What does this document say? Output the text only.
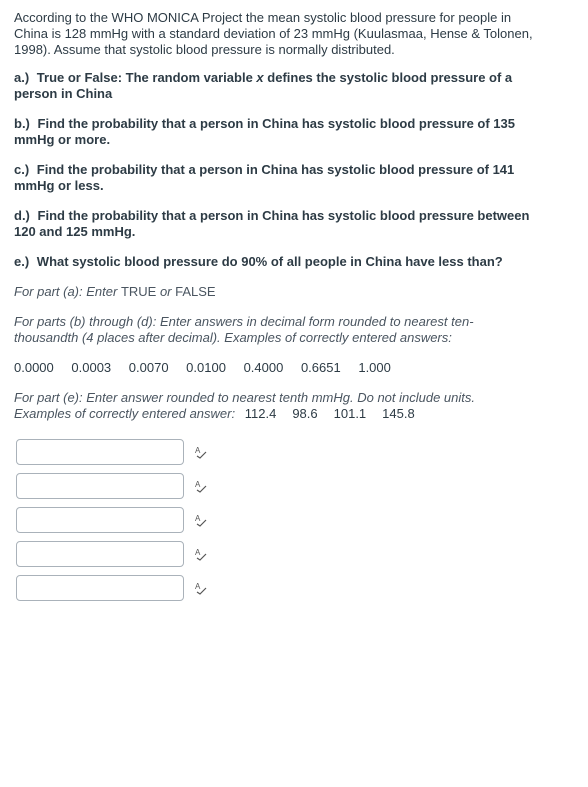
According to the WHO MONICA Project the mean systolic blood pressure for people in China is 128 mmHg with a standard deviation of 23 mmHg (Kuulasmaa, Hense & Tolonen, 1998). Assume that systolic blood pressure is normally distributed.

a.) True or False: The random variable x defines the systolic blood pressure of a person in China

b.) Find the probability that a person in China has systolic blood pressure of 135 mmHg or more.

c.) Find the probability that a person in China has systolic blood pressure of 141 mmHg or less.

d.) Find the probability that a person in China has systolic blood pressure between 120 and 125 mmHg.

e.) What systolic blood pressure do 90% of all people in China have less than?

For part (a): Enter TRUE or FALSE

For parts (b) through (d): Enter answers in decimal form rounded to nearest ten-thousandth (4 places after decimal). Examples of correctly entered answers:

0.0000 0.0003 0.0070 0.0100 0.4000 0.6651 1.000

For part (e): Enter answer rounded to nearest tenth mmHg. Do not include units.
Examples of correctly entered answer: 112.4 98.6 101.1 145.8

A
A
A
A
A
